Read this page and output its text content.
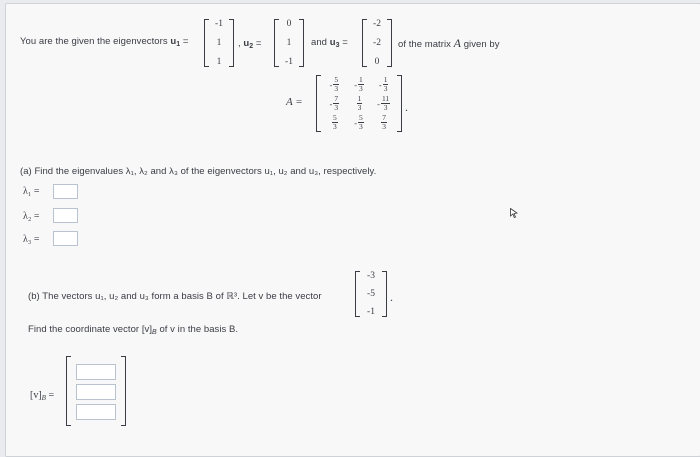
You are the given the eigenvectors $u_1$ =
-1
1
1
, $u_2$ =
0
1
-1
and $u_3$ =
-2
-2
0
of the matrix A given by
A =
- $\frac{5}{3} - \frac{1}{3} - \frac{1}{3}$
- $\frac{7}{3} \frac{1}{3} - \frac{11}{3}$
$\frac{5}{3} - \frac{5}{3} \frac{7}{3}$
.
(a) Find the eigenvalues λ₁, λ₂ and λ₃ of the eigenvectors u₁, u₂ and u₃, respectively.
λ₁ =
λ₂ =
λ₃ =
(b) The vectors u₁, u₂ and u₃ form a basis B of ℝ³. Let v be the vector
-3
-5
-1
.
Find the coordinate vector $[v]_B$ of v in the basis B.
$[v]_B$ =
